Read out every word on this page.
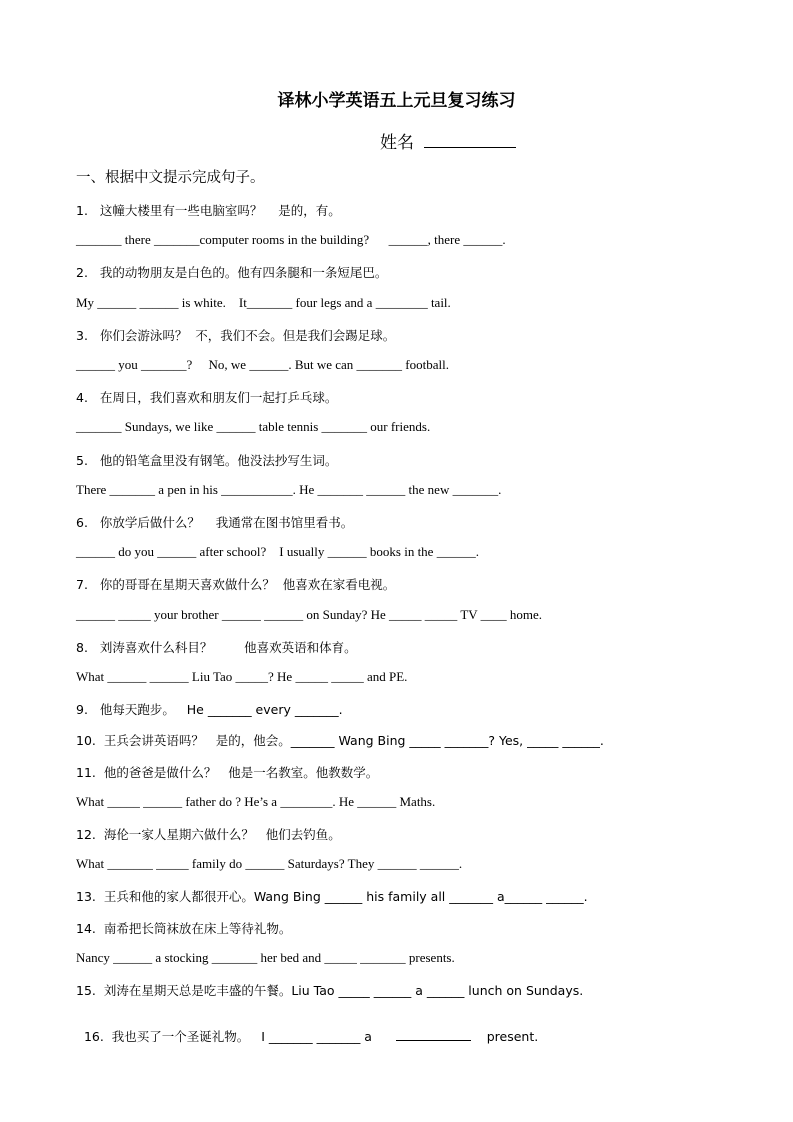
译林小学英语五上元旦复习练习
姓名
一、根据中文提示完成句子。
1.   这幢大楼里有一些电脑室吗？    是的，有。
_______ there _______computer rooms in the building?      ______, there ______.
2.   我的动物朋友是白色的。他有四条腿和一条短尾巴。
My ______ ______ is white.    It_______ four legs and a ________ tail.
3.   你们会游泳吗？  不，我们不会。但是我们会踢足球。
______ you _______?     No, we ______. But we can _______ football.
4.   在周日，我们喜欢和朋友们一起打乒乓球。
_______ Sundays, we like ______ table tennis _______ our friends.
5.   他的铅笔盒里没有钢笔。他没法抄写生词。
There _______ a pen in his ___________. He _______ ______ the new _______.
6.   你放学后做什么？    我通常在图书馆里看书。
______ do you ______ after school?    I usually ______ books in the ______.
7.   你的哥哥在星期天喜欢做什么？  他喜欢在家看电视。
______ _____ your brother ______ ______ on Sunday? He _____ _____ TV ____ home.
8.   刘涛喜欢什么科目？        他喜欢英语和体育。
What ______ ______ Liu Tao _____? He _____ _____ and PE.
9.   他每天跑步。   He _______ every _______.
10.  王兵会讲英语吗？   是的，他会。_______ Wang Bing _____ _______? Yes, _____ ______.
11.  他的爸爸是做什么？   他是一名教室。他教数学。
What _____ ______ father do ? He’s a ________. He ______ Maths.
12.  海伦一家人星期六做什么？   他们去钓鱼。
What _______ _____ family do ______ Saturdays? They ______ ______.
13.  王兵和他的家人都很开心。Wang Bing ______ his family all _______ a______ ______.
14.  南希把长筒袜放在床上等待礼物。
Nancy ______ a stocking _______ her bed and _____ _______ presents.
15.  刘涛在星期天总是吃丰盛的午餐。Liu Tao _____ ______ a ______ lunch on Sundays.

16.  我也买了一个圣诞礼物。   I _______ _______ a	present.
